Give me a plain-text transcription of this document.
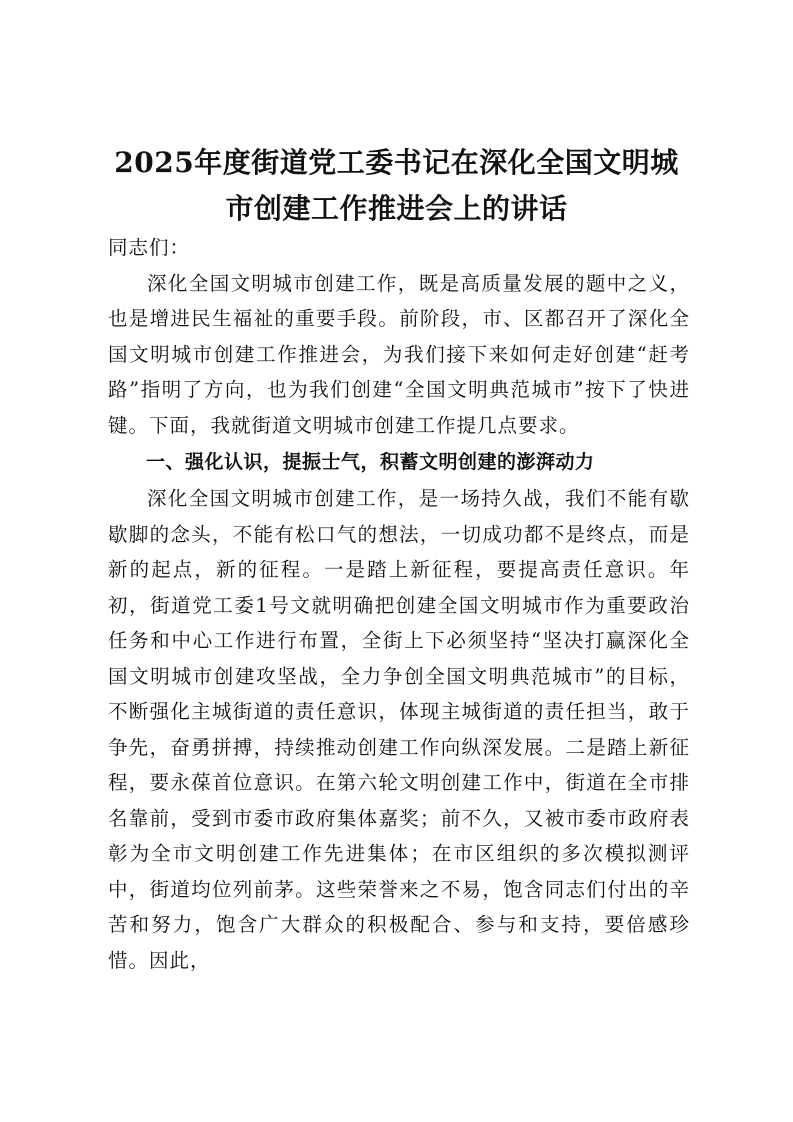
2025年度街道党工委书记在深化全国文明城
市创建工作推进会上的讲话

同志们：

深化全国文明城市创建工作，既是高质量发展的题中之义，也是增进民生福祉的重要手段。前阶段，市、区都召开了深化全国文明城市创建工作推进会，为我们接下来如何走好创建“赶考路”指明了方向，也为我们创建“全国文明典范城市”按下了快进键。下面，我就街道文明城市创建工作提几点要求。

一、强化认识，提振士气，积蓄文明创建的澎湃动力

深化全国文明城市创建工作，是一场持久战，我们不能有歇歇脚的念头，不能有松口气的想法，一切成功都不是终点，而是新的起点，新的征程。一是踏上新征程，要提高责任意识。年初，街道党工委1号文就明确把创建全国文明城市作为重要政治任务和中心工作进行布置，全街上下必须坚持“坚决打赢深化全国文明城市创建攻坚战，全力争创全国文明典范城市”的目标，不断强化主城街道的责任意识，体现主城街道的责任担当，敢于争先，奋勇拼搏，持续推动创建工作向纵深发展。二是踏上新征程，要永葆首位意识。在第六轮文明创建工作中，街道在全市排名靠前，受到市委市政府集体嘉奖；前不久，又被市委市政府表彰为全市文明创建工作先进集体；在市区组织的多次模拟测评中，街道均位列前茅。这些荣誉来之不易，饱含同志们付出的辛苦和努力，饱含广大群众的积极配合、参与和支持，要倍感珍惜。因此，
